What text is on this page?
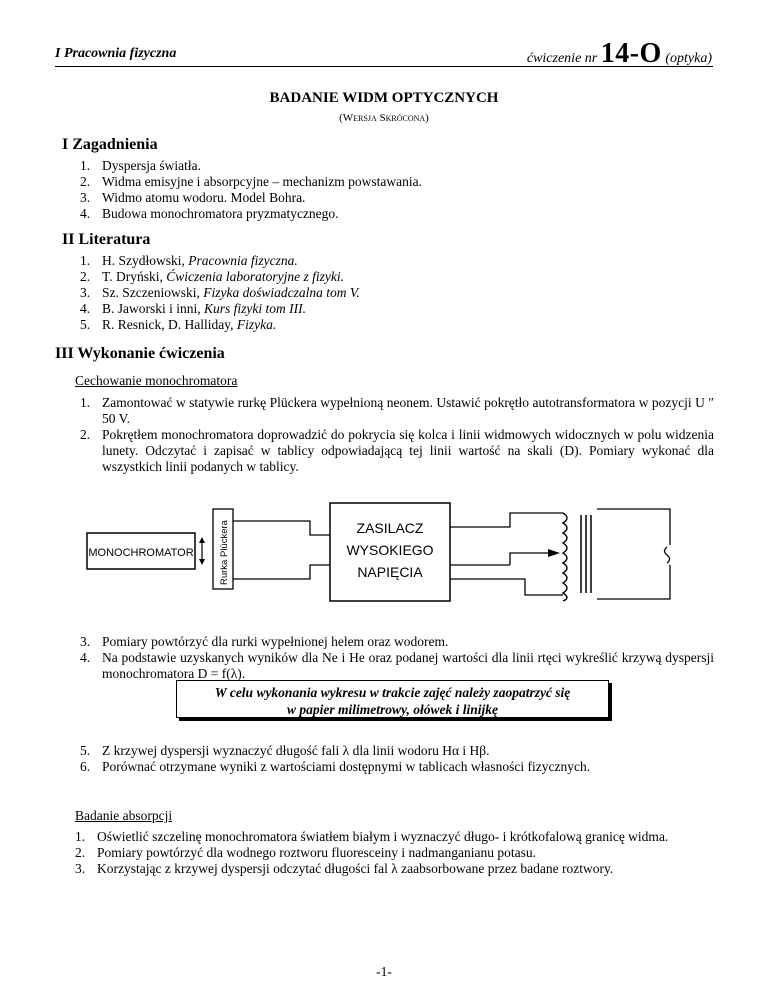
I Pracownia fizyczna	ćwiczenie nr 14-O (optyka)
BADANIE WIDM OPTYCZNYCH
(Wersja Skrócona)
I Zagadnienia
1. Dyspersja światła.
2. Widma emisyjne i absorpcyjne – mechanizm powstawania.
3. Widmo atomu wodoru. Model Bohra.
4. Budowa monochromatora pryzmatycznego.
II Literatura
1. H. Szydłowski, Pracownia fizyczna.
2. T. Dryński, Ćwiczenia laboratoryjne z fizyki.
3. Sz. Szczeniowski, Fizyka doświadczalna tom V.
4. B. Jaworski i inni, Kurs fizyki tom III.
5. R. Resnick, D. Halliday, Fizyka.
III Wykonanie ćwiczenia
Cechowanie monochromatora
1. Zamontować w statywie rurkę Plückera wypełnioną neonem. Ustawić pokrętło autotransformatora w pozycji U ″ 50 V.
2. Pokrętłem monochromatora doprowadzić do pokrycia się kolca i linii widmowych widocznych w polu widzenia lunety. Odczytać i zapisać w tablicy odpowiadającą tej linii wartość na skali (D). Pomiary wykonać dla wszystkich linii podanych w tablicy.
MONOCHROMATOR	Rurka Plückera	ZASILACZ
WYSOKIEGO
NAPIĘCIA
3. Pomiary powtórzyć dla rurki wypełnionej helem oraz wodorem.
4. Na podstawie uzyskanych wyników dla Ne i He oraz podanej wartości dla linii rtęci wykreślić krzywą dyspersji monochromatora D = f(λ).
W celu wykonania wykresu w trakcie zajęć należy zaopatrzyć się
w papier milimetrowy, ołówek i linijkę
5. Z krzywej dyspersji wyznaczyć długość fali λ dla linii wodoru Hα i Hβ.
6. Porównać otrzymane wyniki z wartościami dostępnymi w tablicach własności fizycznych.
Badanie absorpcji
1. Oświetlić szczelinę monochromatora światłem białym i wyznaczyć długo- i krótkofalową granicę widma.
2. Pomiary powtórzyć dla wodnego roztworu fluoresceiny i nadmanganianu potasu.
3. Korzystając z krzywej dyspersji odczytać długości fal λ zaabsorbowane przez badane roztwory.
-1-
